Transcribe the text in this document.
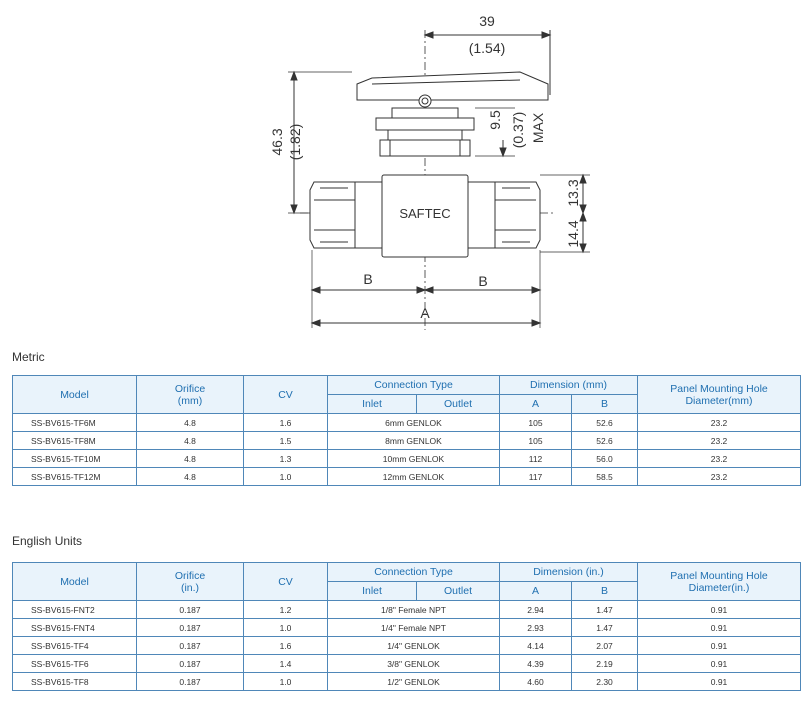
39
(1.54)
46.3 (1.82)
9.5 (0.37) MAX
13.3
14.4
B	B
A
SAFTEC
Metric
Model	Orifice
(mm)	CV	Connection Type		Dimension (mm)		Panel Mounting Hole
Diameter(mm)
			Inlet	Outlet	A	B	
SS-BV615-TF6M	4.8	1.6	6mm GENLOK		105	52.6	23.2
SS-BV615-TF8M	4.8	1.5	8mm GENLOK		105	52.6	23.2
SS-BV615-TF10M	4.8	1.3	10mm GENLOK		112	56.0	23.2
SS-BV615-TF12M	4.8	1.0	12mm GENLOK		117	58.5	23.2
English Units
Model	Orifice
(in.)	CV	Connection Type		Dimension (in.)		Panel Mounting Hole
Diameter(in.)
			Inlet	Outlet	A	B	
SS-BV615-FNT2	0.187	1.2	1/8" Female NPT		2.94	1.47	0.91
SS-BV615-FNT4	0.187	1.0	1/4" Female NPT		2.93	1.47	0.91
SS-BV615-TF4	0.187	1.6	1/4" GENLOK		4.14	2.07	0.91
SS-BV615-TF6	0.187	1.4	3/8" GENLOK		4.39	2.19	0.91
SS-BV615-TF8	0.187	1.0	1/2" GENLOK		4.60	2.30	0.91
